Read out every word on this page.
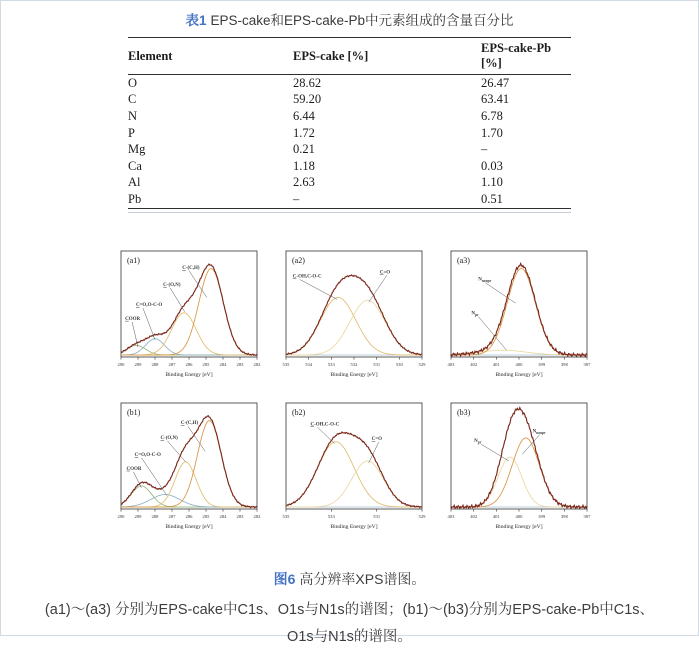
表1 EPS-cake和EPS-cake-Pb中元素组成的含量百分比
Element	EPS-cake [%]	EPS-cake-Pb [%]
O	28.62	26.47
C	59.20	63.41
N	6.44	6.78
P	1.72	1.70
Mg	0.21	–
Ca	1.18	0.03
Al	2.63	1.10
Pb	–	0.51
290 289 288 287 286 285 284 283 282
Binding Energy [eV]
(a1)
C-(C,H)
C-(O,N)
C=O,O-C-O
COOR
535	534	533	532	531	530	529
Binding Energy [eV]
(a2)
C-OH,C-O-C
C=O
403	402	401	400	399	398	397
Binding Energy [eV]
(a3)
$N_{nonpr}$
$N_{pr}$
290 289 288 287 286 285 284 283 282
Binding Energy [eV]
(b1)
C-(C,H)
C-(O,N)
C=O,O-C-O
COOR
535	533	531	529
Binding Energy [eV]
(b2)
C-OH,C-O-C
C=O
403	402	401	400	399	398	397
Binding Energy [eV]
(b3)
$N_{pr}$
$N_{nonpr}$
图6 高分辨率XPS谱图。
(a1)～(a3) 分别为EPS-cake中C1s、O1s与N1s的谱图；(b1)～(b3)分别为EPS-cake-Pb中C1s、
O1s与N1s的谱图。
